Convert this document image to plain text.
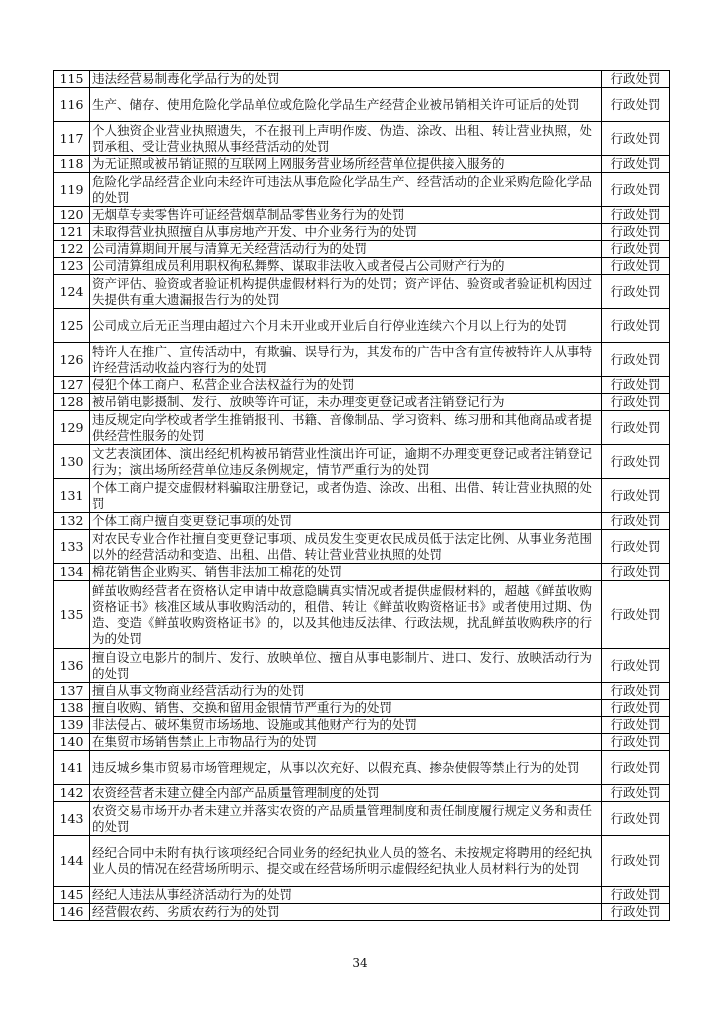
115	违法经营易制毒化学品行为的处罚	行政处罚
116	生产、储存、使用危险化学品单位或危险化学品生产经营企业被吊销相关许可证后的处罚	行政处罚
117	个人独资企业营业执照遗失，不在报刊上声明作废、伪造、涂改、出租、转让营业执照，处罚承租、受让营业执照从事经营活动的处罚	行政处罚
118	为无证照或被吊销证照的互联网上网服务营业场所经营单位提供接入服务的	行政处罚
119	危险化学品经营企业向未经许可违法从事危险化学品生产、经营活动的企业采购危险化学品的处罚	行政处罚
120	无烟草专卖零售许可证经营烟草制品零售业务行为的处罚	行政处罚
121	未取得营业执照擅自从事房地产开发、中介业务行为的处罚	行政处罚
122	公司清算期间开展与清算无关经营活动行为的处罚	行政处罚
123	公司清算组成员利用职权徇私舞弊、谋取非法收入或者侵占公司财产行为的	行政处罚
124	资产评估、验资或者验证机构提供虚假材料行为的处罚；资产评估、验资或者验证机构因过失提供有重大遗漏报告行为的处罚	行政处罚
125	公司成立后无正当理由超过六个月未开业或开业后自行停业连续六个月以上行为的处罚	行政处罚
126	特许人在推广、宣传活动中，有欺骗、误导行为，其发布的广告中含有宣传被特许人从事特许经营活动收益内容行为的处罚	行政处罚
127	侵犯个体工商户、私营企业合法权益行为的处罚	行政处罚
128	被吊销电影摄制、发行、放映等许可证，未办理变更登记或者注销登记行为	行政处罚
129	违反规定向学校或者学生推销报刊、书籍、音像制品、学习资料、练习册和其他商品或者提供经营性服务的处罚	行政处罚
130	文艺表演团体、演出经纪机构被吊销营业性演出许可证，逾期不办理变更登记或者注销登记行为；演出场所经营单位违反条例规定，情节严重行为的处罚	行政处罚
131	个体工商户提交虚假材料骗取注册登记，或者伪造、涂改、出租、出借、转让营业执照的处罚	行政处罚
132	个体工商户擅自变更登记事项的处罚	行政处罚
133	对农民专业合作社擅自变更登记事项、成员发生变更农民成员低于法定比例、从事业务范围以外的经营活动和变造、出租、出借、转让营业营业执照的处罚	行政处罚
134	棉花销售企业购买、销售非法加工棉花的处罚	行政处罚
135	鲜茧收购经营者在资格认定申请中故意隐瞒真实情况或者提供虚假材料的，超越《鲜茧收购资格证书》核准区域从事收购活动的，租借、转让《鲜茧收购资格证书》或者使用过期、伪造、变造《鲜茧收购资格证书》的，以及其他违反法律、行政法规，扰乱鲜茧收购秩序的行为的处罚	行政处罚
136	擅自设立电影片的制片、发行、放映单位、擅自从事电影制片、进口、发行、放映活动行为的处罚	行政处罚
137	擅自从事文物商业经营活动行为的处罚	行政处罚
138	擅自收购、销售、交换和留用金银情节严重行为的处罚	行政处罚
139	非法侵占、破坏集贸市场场地、设施或其他财产行为的处罚	行政处罚
140	在集贸市场销售禁止上市物品行为的处罚	行政处罚
141	违反城乡集市贸易市场管理规定，从事以次充好、以假充真、掺杂使假等禁止行为的处罚	行政处罚
142	农资经营者未建立健全内部产品质量管理制度的处罚	行政处罚
143	农资交易市场开办者未建立并落实农资的产品质量管理制度和责任制度履行规定义务和责任的处罚	行政处罚
144	经纪合同中未附有执行该项经纪合同业务的经纪执业人员的签名、未按规定将聘用的经纪执业人员的情况在经营场所明示、提交或在经营场所明示虚假经纪执业人员材料行为的处罚	行政处罚
145	经纪人违法从事经济活动行为的处罚	行政处罚
146	经营假农药、劣质农药行为的处罚	行政处罚
34
